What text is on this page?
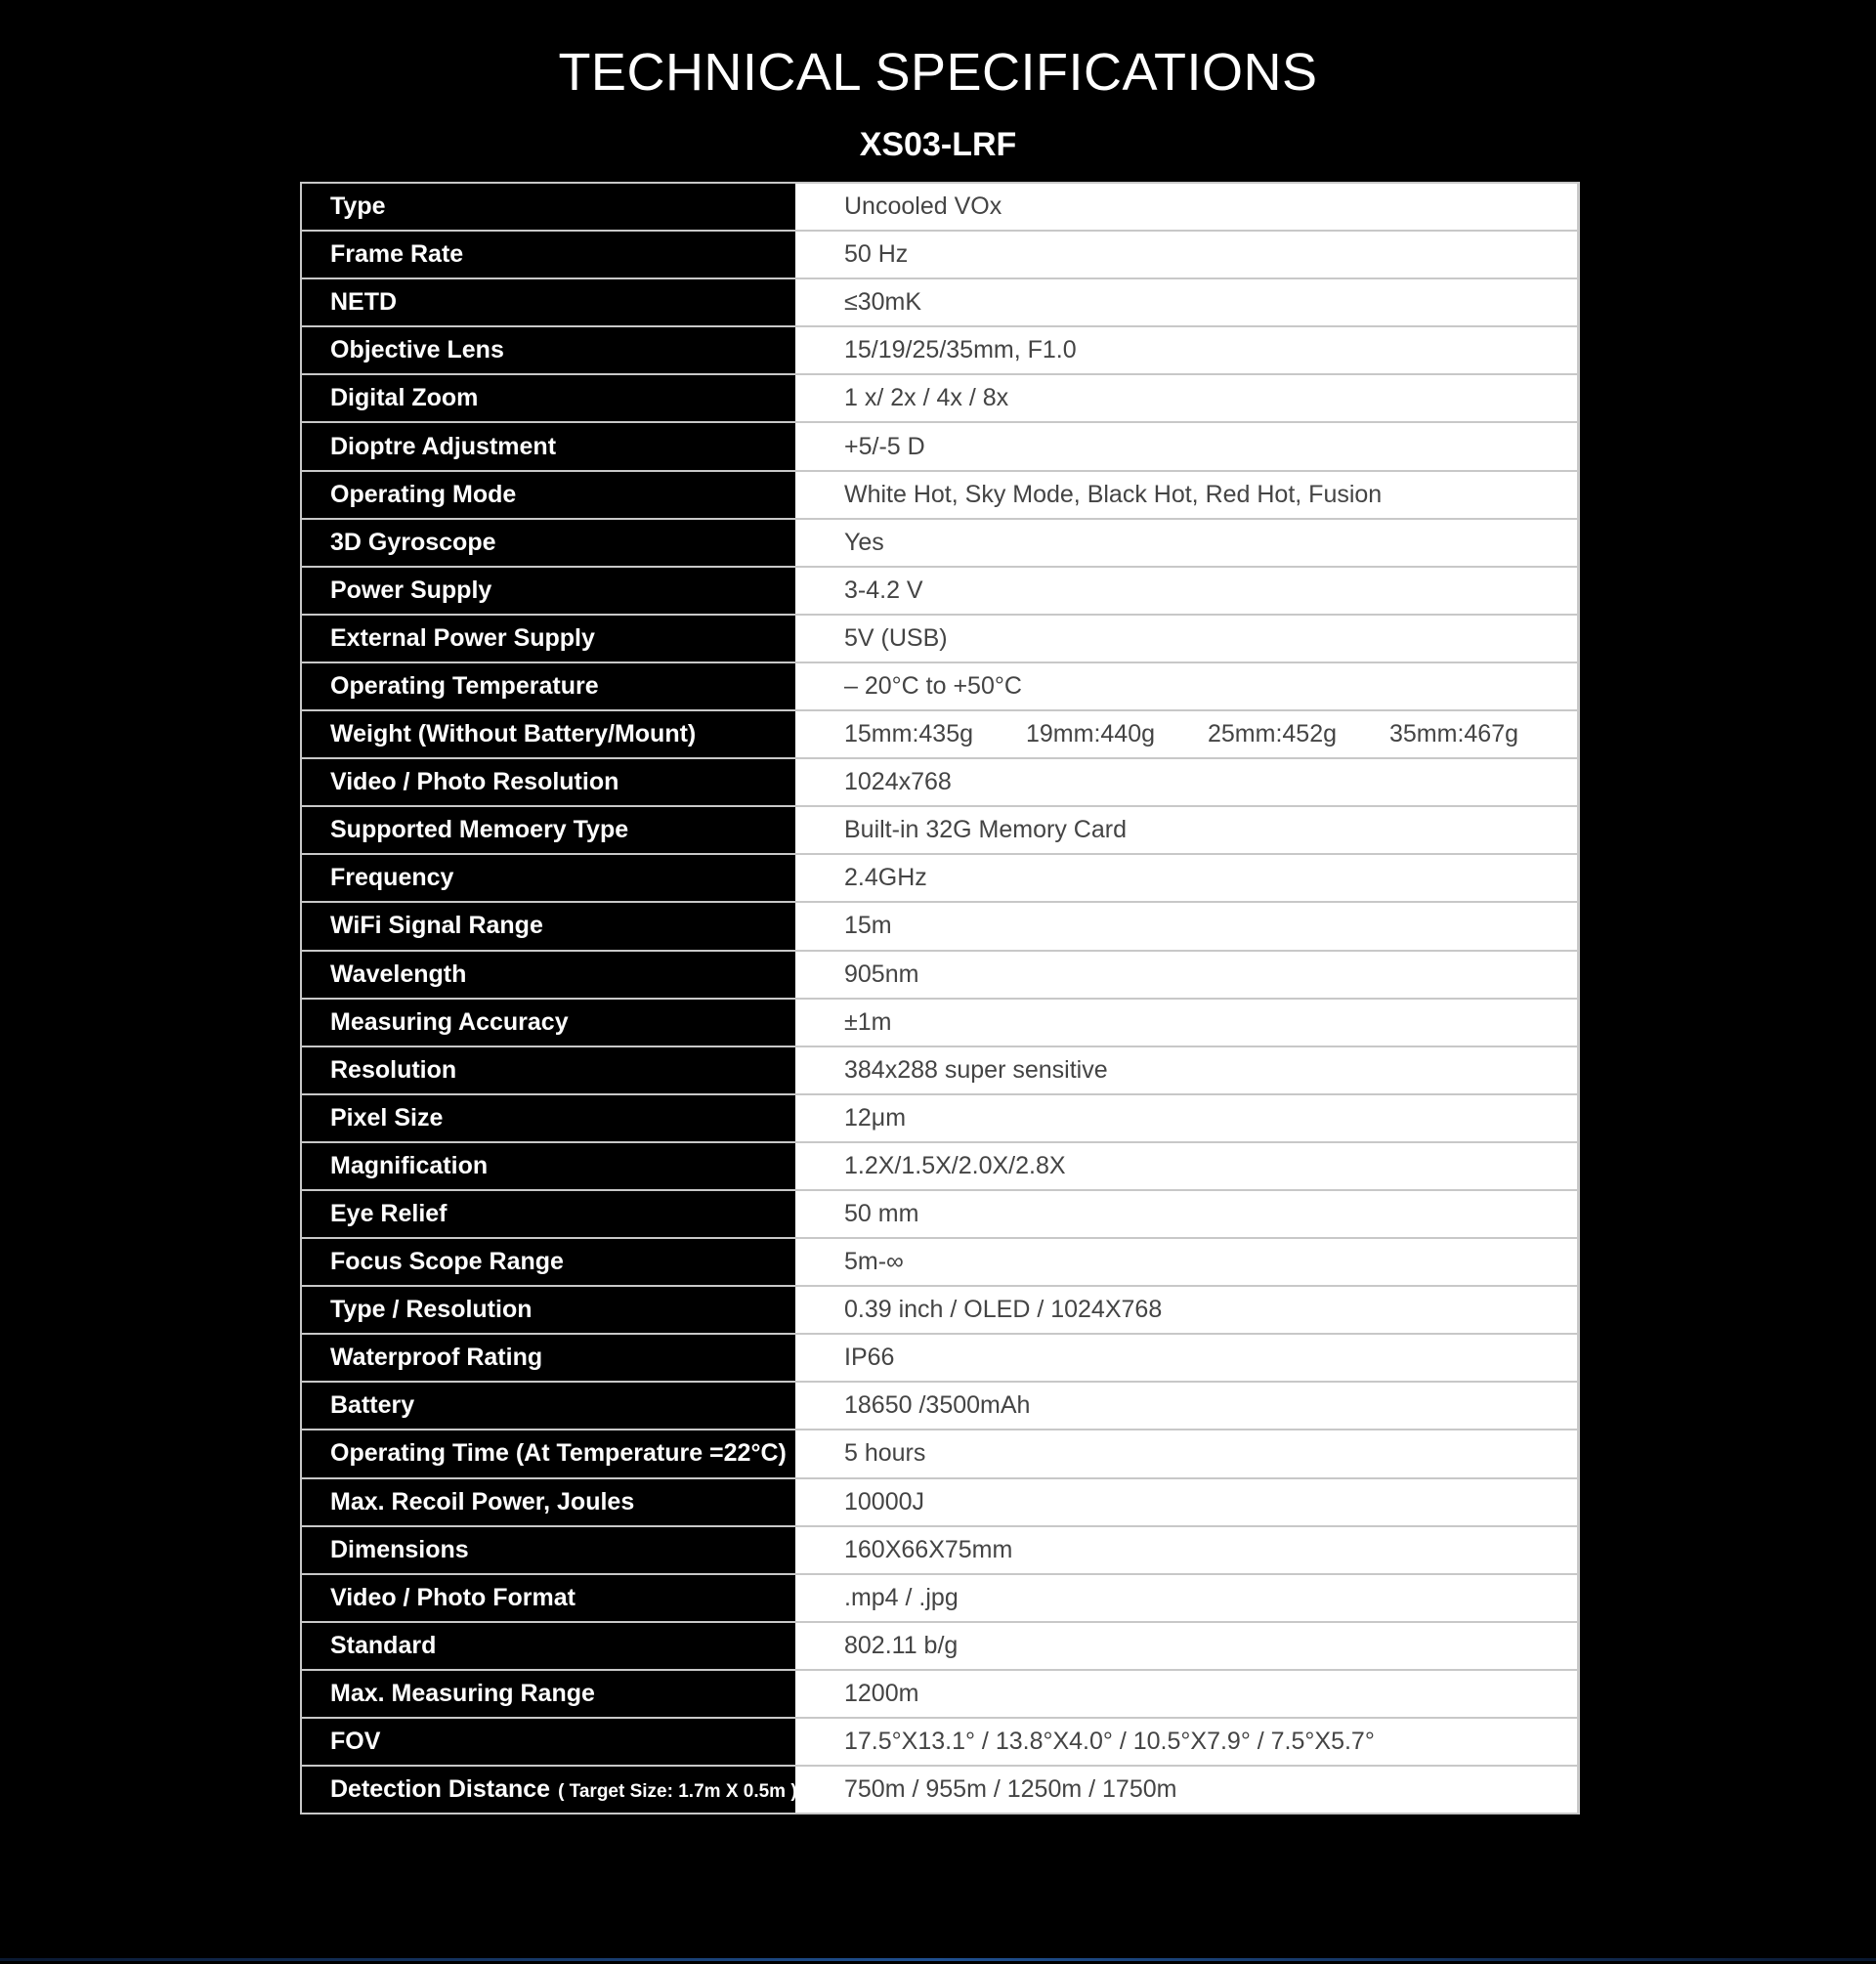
TECHNICAL SPECIFICATIONS
XS03-LRF
Type	Uncooled VOx
Frame Rate	50 Hz
NETD	≤30mK
Objective Lens	15/19/25/35mm, F1.0
Digital Zoom	1 x/ 2x / 4x / 8x
Dioptre Adjustment	+5/-5 D
Operating Mode	White Hot, Sky Mode, Black Hot, Red Hot, Fusion
3D Gyroscope	Yes
Power Supply	3-4.2 V
External Power Supply	5V (USB)
Operating Temperature	– 20°C to +50°C
Weight (Without Battery/Mount)	15mm:435g 19mm:440g 25mm:452g 35mm:467g
Video / Photo Resolution	1024x768
Supported Memoery Type	Built-in 32G Memory Card
Frequency	2.4GHz
WiFi Signal Range	15m
Wavelength	905nm
Measuring Accuracy	±1m
Resolution	384x288 super sensitive
Pixel Size	12μm
Magnification	1.2X/1.5X/2.0X/2.8X
Eye Relief	50 mm
Focus Scope Range	5m-∞
Type / Resolution	0.39 inch / OLED / 1024X768
Waterproof Rating	IP66
Battery	18650 /3500mAh
Operating Time (At Temperature =22°C)	5 hours
Max. Recoil Power, Joules	10000J
Dimensions	160X66X75mm
Video / Photo Format	.mp4 / .jpg
Standard	802.11 b/g
Max. Measuring Range	1200m
FOV	17.5°X13.1° / 13.8°X4.0° / 10.5°X7.9° / 7.5°X5.7°
Detection Distance ( Target Size: 1.7m X 0.5m )	750m / 955m / 1250m / 1750m
